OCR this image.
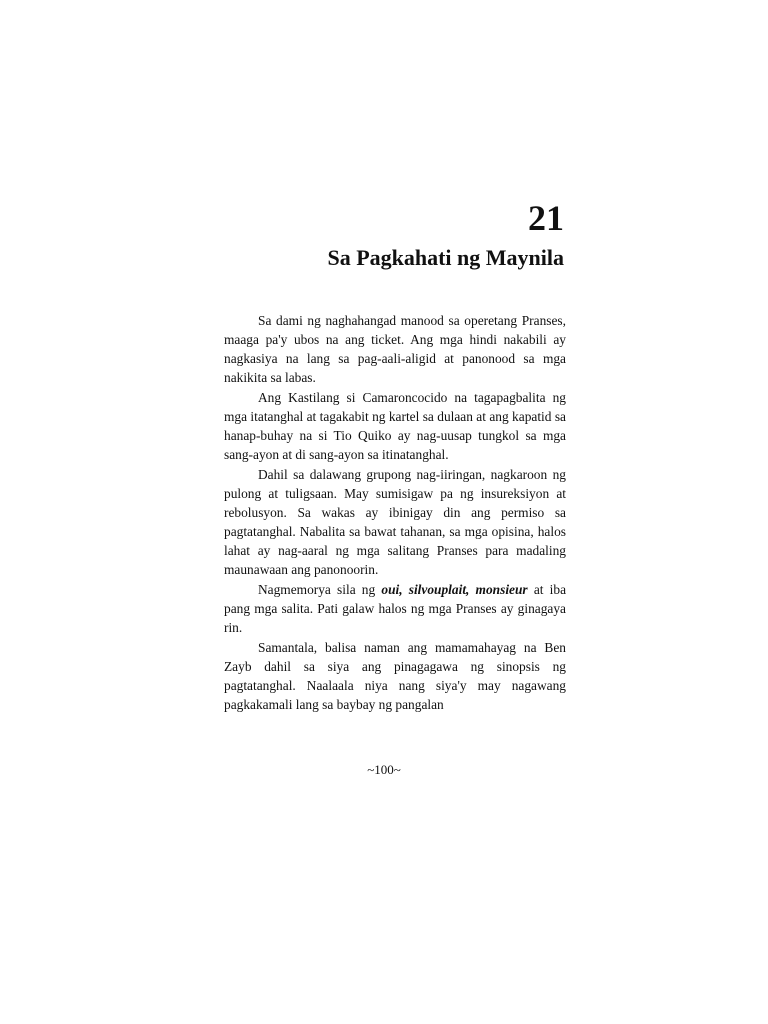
21
Sa Pagkahati ng Maynila

Sa dami ng naghahangad manood sa operetang Pranses, maaga pa'y ubos na ang ticket. Ang mga hindi nakabili ay nagkasiya na lang sa pag-aali-aligid at panonood sa mga nakikita sa labas.

Ang Kastilang si Camaroncocido na tagapagbalita ng mga itatanghal at tagakabit ng kartel sa dulaan at ang kapatid sa hanap-buhay na si Tio Quiko ay nag-uusap tungkol sa mga sang-ayon at di sang-ayon sa itinatanghal.

Dahil sa dalawang grupong nag-iiringan, nagkaroon ng pulong at tuligsaan. May sumisigaw pa ng insureksiyon at rebolusyon. Sa wakas ay ibinigay din ang permiso sa pagtatanghal. Nabalita sa bawat tahanan, sa mga opisina, halos lahat ay nag-aaral ng mga salitang Pranses para madaling maunawaan ang panonoorin.

Nagmemorya sila ng oui, silvouplait, monsieur at iba pang mga salita. Pati galaw halos ng mga Pranses ay ginagaya rin.

Samantala, balisa naman ang mamamahayag na Ben Zayb dahil sa siya ang pinagagawa ng sinopsis ng pagtatanghal. Naalaala niya nang siya'y may nagawang pagkakamali lang sa baybay ng pangalan

~100~
